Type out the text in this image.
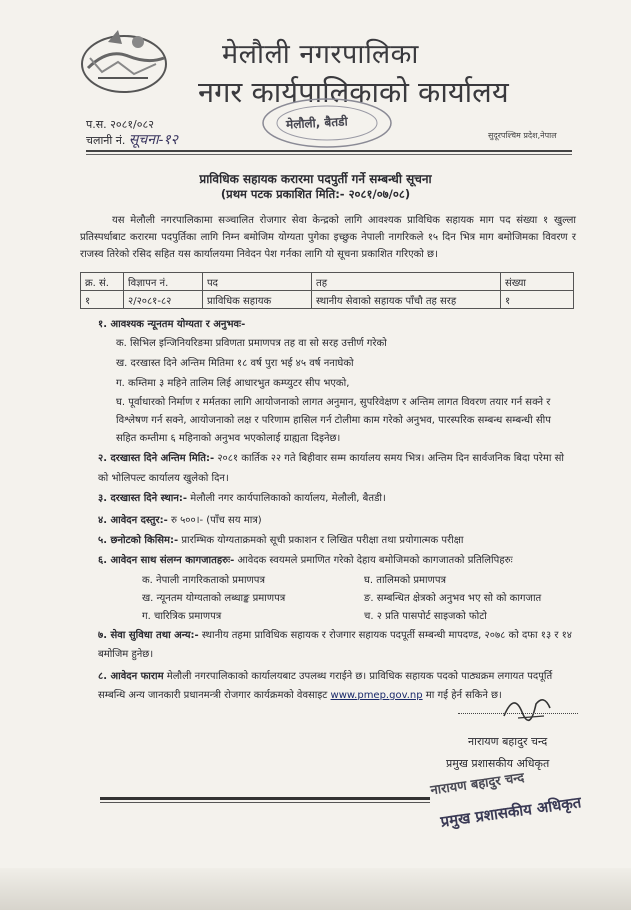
मेलौली नगरपालिका
नगर कार्यपालिकाको कार्यालय
प.स. २०८१/०८२
चलानी नं. सूचना-१२
मेलौली, बैतडी
सुदूरपश्चिम प्रदेश,नेपाल
प्राविधिक सहायक करारमा पदपुर्ती गर्ने सम्बन्धी सूचना
(प्रथम पटक प्रकाशित मिति:- २०८१/०७/०८)
यस मेलौली नगरपालिकामा सञ्चालित रोजगार सेवा केन्द्रको लागि आवश्यक प्राविधिक सहायक माग पद संख्या १ खुल्ला प्रतिस्पर्धाबाट करारमा पदपुर्तिका लागि निम्न बमोजिम योग्यता पुगेका इच्छुक नेपाली नागरिकले १५ दिन भित्र माग बमोजिमका विवरण र राजस्व तिरेको रसिद सहित यस कार्यालयमा निवेदन पेश गर्नका लागि यो सूचना प्रकाशित गरिएको छ।
क्र. सं.	विज्ञापन नं.	पद	तह	संख्या
१	२/२०८१-८२	प्राविधिक सहायक	स्थानीय सेवाको सहायक पाँचौ तह सरह	१
१. आवश्यक न्यूनतम योग्यता र अनुभवः-
क. सिभिल इन्जिनियरिङमा प्रविणता प्रमाणपत्र तह वा सो सरह उत्तीर्ण गरेको
ख. दरखास्त दिने अन्तिम मितिमा १८ वर्ष पुरा भई ४५ वर्ष ननाघेको
ग. कम्तिमा ३ महिने तालिम लिई आधारभुत कम्प्युटर सीप भएको,
घ. पूर्वाधारको निर्माण र मर्मतका लागि आयोजनाको लागत अनुमान, सुपरिवेक्षण र अन्तिम लागत विवरण तयार गर्न सक्ने र विश्लेषण गर्न सक्ने, आयोजनाको लक्ष र परिणाम हासिल गर्न टोलीमा काम गरेको अनुभव, पारस्परिक सम्बन्ध सम्बन्धी सीप सहित कम्तीमा ६ महिनाको अनुभव भएकोलाई ग्राह्यता दिइनेछ।
२. दरखास्त दिने अन्तिम मिति:- २०८१ कार्तिक २२ गते बिहीवार सम्म कार्यालय समय भित्र। अन्तिम दिन सार्वजनिक बिदा परेमा सो को भोलिपल्ट कार्यालय खुलेको दिन।
३. दरखास्त दिने स्थान:- मेलौली नगर कार्यपालिकाको कार्यालय, मेलौली, बैतडी।
४. आवेदन दस्तुर:- रु ५००।- (पाँच सय मात्र)
५. छनोटको किसिम:- प्रारम्भिक योग्यताक्रमको सूची प्रकाशन र लिखित परीक्षा तथा प्रयोगात्मक परीक्षा
६. आवेदन साथ संलग्न कागजातहरुः- आवेदक स्वयमले प्रमाणित गरेको देहाय बमोजिमको कागजातको प्रतिलिपिहरुः
क. नेपाली नागरिकताको प्रमाणपत्र
ख. न्यूनतम योग्यताको लब्धाङ्क प्रमाणपत्र
ग. चारित्रिक प्रमाणपत्र
घ. तालिमको प्रमाणपत्र
ङ. सम्बन्धित क्षेत्रको अनुभव भए सो को कागजात
च. २ प्रति पासपोर्ट साइजको फोटो
७. सेवा सुविधा तथा अन्य:- स्थानीय तहमा प्राविधिक सहायक र रोजगार सहायक पदपूर्ती सम्बन्धी मापदण्ड, २०७८ को दफा १३ र १४ बमोजिम हुनेछ।
८. आवेदन फाराम मेलौली नगरपालिकाको कार्यालयबाट उपलब्ध गराईने छ। प्राविधिक सहायक पदको पाठ्यक्रम लगायत पदपूर्ति सम्बन्धि अन्य जानकारी प्रधानमन्त्री रोजगार कार्यक्रमको वेवसाइट www.pmep.gov.np मा गई हेर्न सकिने छ।
नारायण बहादुर चन्द
प्रमुख प्रशासकीय अधिकृत
नारायण बहादुर चन्द
प्रमुख प्रशासकीय अधिकृत
